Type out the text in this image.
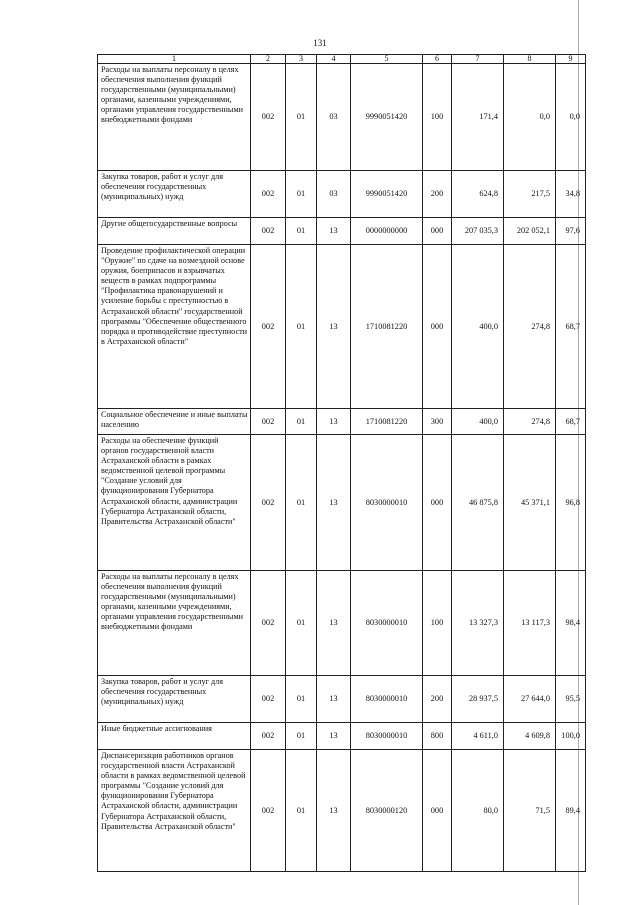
131
1	2	3	4	5	6	7	8	9
Расходы на выплаты персоналу в целях обеспечения выполнения функций государственными (муниципальными) органами, казенными учреждениями, органами управления государственными внебюджетными фондами	002	01	03	9990051420	100	171,4	0,0	0,0
Закупка товаров, работ и услуг для обеспечения государственных (муниципальных) нужд	002	01	03	9990051420	200	624,8	217,5	34,8
Другие общегосударственные вопросы	002	01	13	0000000000	000	207 035,3	202 052,1	97,6
Проведение профилактической операции "Оружие" по сдаче на возмездной основе оружия, боеприпасов и взрывчатых веществ в рамках подпрограммы "Профилактика правонарушений и усиление борьбы с преступностью в Астраханской области" государственной программы "Обеспечение общественного порядка и противодействие преступности в Астраханской области"	002	01	13	1710081220	000	400,0	274,8	68,7
Социальное обеспечение и иные выплаты населению	002	01	13	1710081220	300	400,0	274,8	68,7
Расходы на обеспечение функций органов государственной власти Астраханской области в рамках ведомственной целевой программы "Создание условий для функционирования Губернатора Астраханской области, администрации Губернатора Астраханской области, Правительства Астраханской области"	002	01	13	8030000010	000	46 875,8	45 371,1	96,8
Расходы на выплаты персоналу в целях обеспечения выполнения функций государственными (муниципальными) органами, казенными учреждениями, органами управления государственными внебюджетными фондами	002	01	13	8030000010	100	13 327,3	13 117,3	98,4
Закупка товаров, работ и услуг для обеспечения государственных (муниципальных) нужд	002	01	13	8030000010	200	28 937,5	27 644,0	95,5
Иные бюджетные ассигнования	002	01	13	8030000010	800	4 611,0	4 609,8	100,0
Диспансеризация работников органов государственной власти Астраханской области в рамках ведомственной целевой программы "Создание условий для функционирования Губернатора Астраханской области, администрации Губернатора Астраханской области, Правительства Астраханской области"	002	01	13	8030000120	000	80,0	71,5	89,4
